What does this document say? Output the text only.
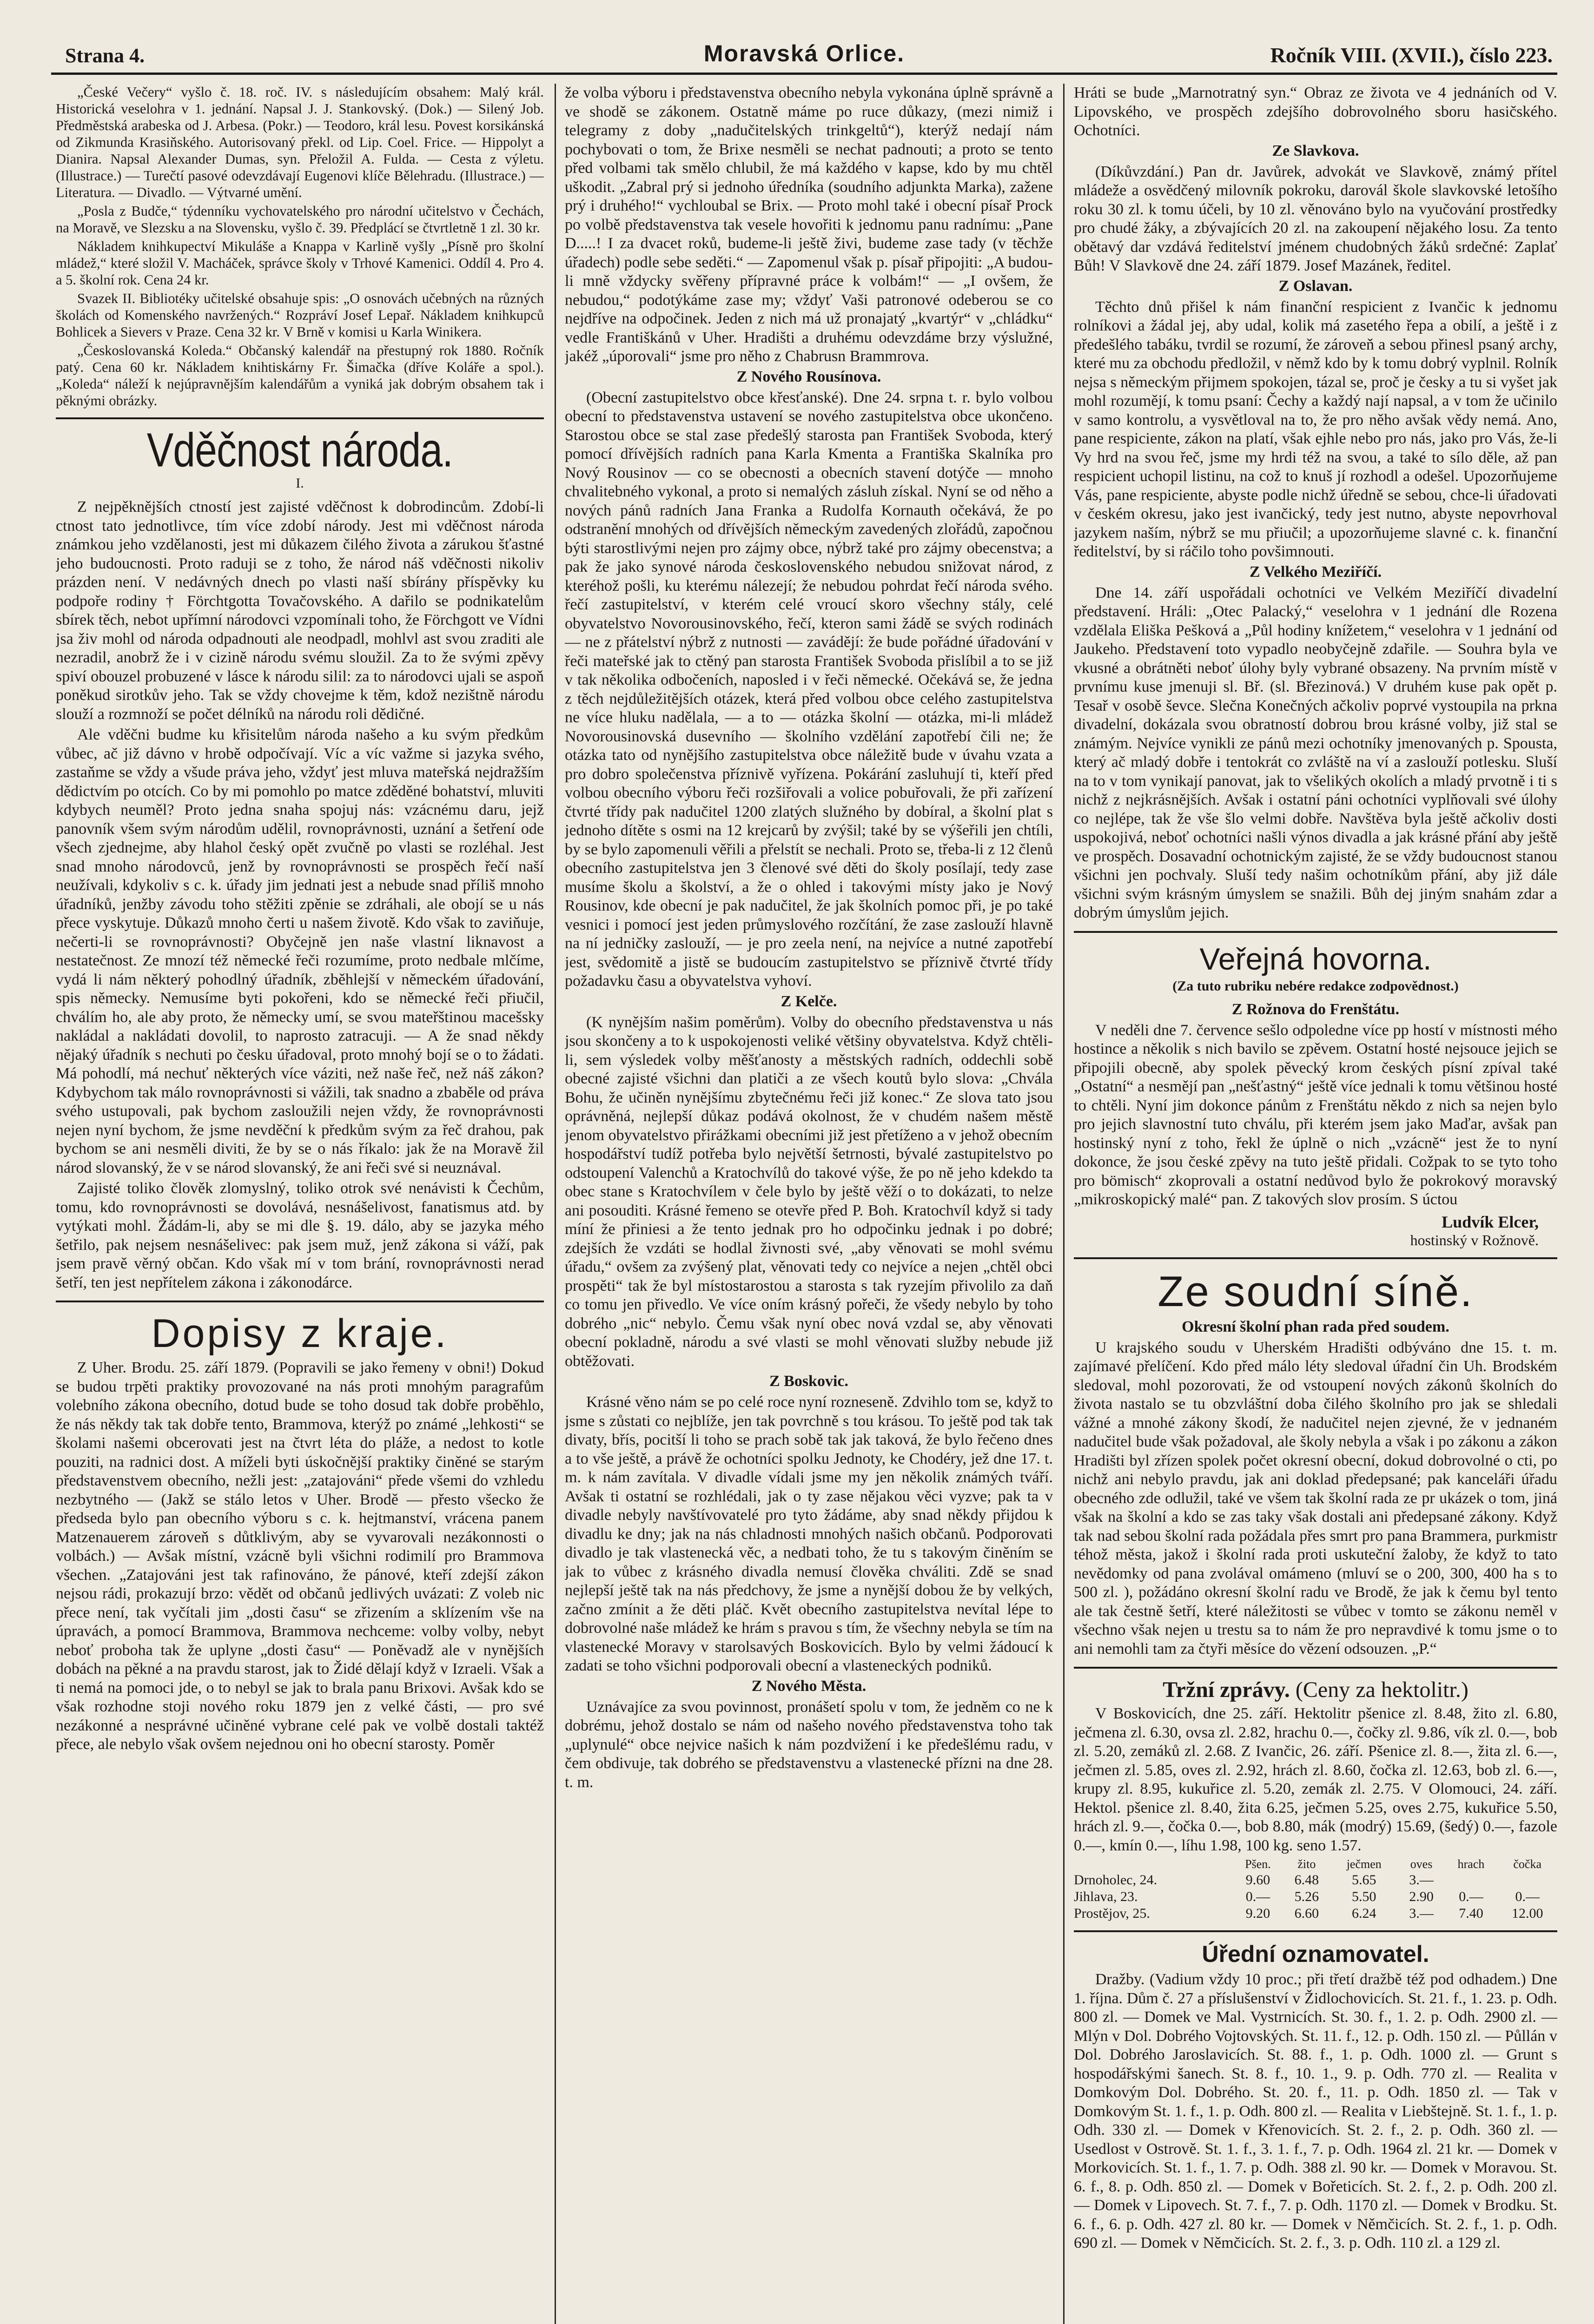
Strana 4.	Moravská Orlice.	Ročník VIII. (XVII.), číslo 223.

„České Večery“ vyšlo č. 18. roč. IV. s následujícím obsahem: Malý král. Historická veselohra v 1. jednání. Napsal J. J. Stankovský. (Dok.) — Silený Job. Předměstská arabeska od J. Arbesa. (Pokr.) — Teodoro, král lesu. Povest korsikánská od Zikmunda Krasiňského. Autorisovaný překl. od Lip. Coel. Frice. — Hippolyt a Dianira. Napsal Alexander Dumas, syn. Přeložil A. Fulda. — Cesta z výletu. (Illustrace.) — Turečtí pasové odevzdávají Eugenovi klíče Bělehradu. (Illustrace.) — Literatura. — Divadlo. — Výtvarné umění.

„Posla z Budče,“ týdenníku vychovatelského pro národní učitelstvo v Čechách, na Moravě, ve Slezsku a na Slovensku, vyšlo č. 39. Předplácí se čtvrtletně 1 zl. 30 kr.

Nákladem knihkupectví Mikuláše a Knappa v Karlině vyšly „Písně pro školní mládež,“ které složil V. Macháček, správce školy v Trhové Kamenici. Oddíl 4. Pro 4. a 5. školní rok. Cena 24 kr.

Svazek II. Bibliotéky učitelské obsahuje spis: „O osnovách učebných na různých školách od Komenského navržených.“ Rozpráví Josef Lepař. Nákladem knihkupců Bohlicek a Sievers v Praze. Cena 32 kr. V Brně v komisi u Karla Winikera.

„Českoslovanská Koleda.“ Občanský kalendář na přestupný rok 1880. Ročník patý. Cena 60 kr. Nákladem knihtiskárny Fr. Šimačka (dříve Koláře a spol.). „Koleda“ náleží k nejúpravnějším kalendářům a vyniká jak dobrým obsahem tak i pěknými obrázky.

Vděčnost národa.
I.

Z nejpěknějších ctností jest zajisté vděčnost k dobrodincům. Zdobí-li ctnost tato jednotlivce, tím více zdobí národy. Jest mi vděčnost národa známkou jeho vzdělanosti, jest mi důkazem čilého života a zárukou šťastné jeho budoucnosti. Proto raduji se z toho, že národ náš vděčnosti nikoliv prázden není. V nedávných dnech po vlasti naší sbírány příspěvky ku podpoře rodiny † Förchtgotta Tovačovského. A dařilo se podnikatelům sbírek těch, nebot upřímní národovci vzpomínali toho, že Förchgott ve Vídni jsa živ mohl od národa odpadnouti ale neodpadl, mohlvl ast svou zraditi ale nezradil, anobrž že i v cizině národu svému sloužil. Za to že svými zpěvy spiví obouzel probuzené v lásce k národu silil: za to národovci ujali se aspoň poněkud sirotkův jeho. Tak se vždy chovejme k těm, kdož nezištně národu slouží a rozmnoží se počet délníků na národu roli dědičné.

Ale vděčni budme ku křisitelům národa našeho a ku svým předkům vůbec, ač již dávno v hrobě odpočívají. Víc a víc važme si jazyka svého, zastaňme se vždy a všude práva jeho, vždyť jest mluva mateřská nejdražším dědictvím po otcích. Co by mi pomohlo po matce zděděné bohatství, mluviti kdybych neuměl? Proto jedna snaha spojuj nás: vzácnému daru, jejž panovník všem svým národům udělil, rovnoprávnosti, uznání a šetření ode všech zjednejme, aby hlahol český opět zvučně po vlasti se rozléhal. Jest snad mnoho národovců, jenž by rovnoprávnosti se prospěch řečí naší neužívali, kdykoliv s c. k. úřady jim jednati jest a nebude snad příliš mnoho úřadníků, jenžby závodu toho stěžiti zpěnie se zdráhali, ale obojí se u nás přece vyskytuje. Důkazů mnoho čerti u našem životě. Kdo však to zaviňuje, nečerti-li se rovnoprávnosti? Obyčejně jen naše vlastní liknavost a nestatečnost. Ze mnozí též německé řeči rozumíme, proto nedbale mlčíme, vydá li nám některý pohodlný úřadník, zběhlejší v německém úřadování, spis německy. Nemusíme byti pokořeni, kdo se německé řeči přiučil, chválím ho, ale aby proto, že německy umí, se svou mateřštinou macešsky nakládal a nakládati dovolil, to naprosto zatracuji. — A že snad někdy nějaký úřadník s nechuti po česku úřadoval, proto mnohý bojí se o to žádati. Má pohodlí, má nechuť některých více váziti, než naše řeč, než náš zákon? Kdybychom tak málo rovnoprávnosti si vážili, tak snadno a zbaběle od práva svého ustupovali, pak bychom zasloužili nejen vždy, že rovnoprávnosti nejen nyní bychom, že jsme nevděční k předkům svým za řeč drahou, pak bychom se ani nesměli diviti, že by se o nás říkalo: jak že na Moravě žil národ slovanský, že v se národ slovanský, že ani řeči své si neuznával.

Zajisté toliko člověk zlomyslný, toliko otrok své nenávisti k Čechům, tomu, kdo rovnoprávnosti se dovolává, nesnášelivost, fanatismus atd. by vytýkati mohl. Žádám-li, aby se mi dle §. 19. dálo, aby se jazyka mého šetřilo, pak nejsem nesnášelivec: pak jsem muž, jenž zákona si váží, pak jsem pravě věrný občan. Kdo však mí v tom brání, rovnoprávnosti nerad šetří, ten jest nepřítelem zákona i zákonodárce.

Dopisy z kraje.

Z Uher. Brodu. 25. září 1879. (Popravili se jako řemeny v obni!) Dokud se budou trpěti praktiky provozované na nás proti mnohým paragrafům volebního zákona obecního, dotud bude se toho dosud tak dobře proběhlo, že nás někdy tak tak dobře tento, Brammova, kterýž po známé „lehkosti“ se školami našemi obcerovati jest na čtvrt léta do pláže, a nedost to kotle pouziti, na radnici dost. A míželi byti úskočnější praktiky činěné se starým představenstvem obecního, nežli jest: „zatajováni“ přede všemi do vzhledu nezbytného — (Jakž se stálo letos v Uher. Brodě — přesto všecko že předseda bylo pan obecního výboru s c. k. hejtmanství, vrácena panem Matzenauerem zároveň s důtklivým, aby se vyvarovali nezákonnosti o volbách.) — Avšak místní, vzácně byli všichni rodimilí pro Brammova všechen. „Zatajováni jest tak rafinováno, že pánové, kteří zdejší zákon nejsou rádi, prokazují brzo: vědět od občanů jedlivých uvázati: Z voleb nic přece není, tak vyčítali jim „dosti času“ se zřizením a sklízením vše na úpravách, a pomocí Brammova, Brammova nechceme: volby volby, nebyt neboť proboha tak že uplyne „dosti času“ — Poněvadž ale v nynějších dobách na pěkné a na pravdu starost, jak to Židé dělají když v Izraeli. Však a ti nemá na pomoci jde, o to nebyl se jak to brala panu Brixovi. Avšak kdo se však rozhodne stoji nového roku 1879 jen z velké části, — pro své nezákonné a nesprávné učiněné vybrane celé pak ve volbě dostali taktéž přece, ale nebylo však ovšem nejednou oni ho obecní starosty. Poměr

že volba výboru i představenstva obecního nebyla vykonána úplně správně a ve shodě se zákonem. Ostatně máme po ruce důkazy, (mezi nimiž i telegramy z doby „nadučitelských trinkgeltů“), kterýž nedají nám pochybovati o tom, že Brixe nesměli se nechat padnouti; a proto se tento před volbami tak smělo chlubil, že má každého v kapse, kdo by mu chtěl uškodit. „Zabral prý si jednoho úředníka (soudního adjunkta Marka), zažene prý i druhého!“ vychloubal se Brix. — Proto mohl také i obecní písař Prock po volbě představenstva tak vesele hovořiti k jednomu panu radnímu: „Pane D.....! I za dvacet roků, budeme-li ještě živi, budeme zase tady (v těchže úřadech) podle sebe seděti.“ — Zapomenul však p. písař připojiti: „A budou-li mně vždycky svěřeny přípravné práce k volbám!“ — „I ovšem, že nebudou,“ podotýkáme zase my; vždyť Vaši patronové odeberou se co nejdříve na odpočinek. Jeden z nich má už pronajatý „kvartýr“ v „chládku“ vedle Františkánů v Uher. Hradišti a druhému odevzdáme brzy výslužné, jakéž „úporovali“ jsme pro něho z Chabrusn Brammrova.

Z Nového Rousínova.

(Obecní zastupitelstvo obce křesťanské). Dne 24. srpna t. r. bylo volbou obecní to představenstva ustavení se nového zastupitelstva obce ukončeno. Starostou obce se stal zase předešlý starosta pan František Svoboda, který pomocí dřívějších radních pana Karla Kmenta a Františka Skalníka pro Nový Rousinov — co se obecnosti a obecních stavení dotýče — mnoho chvalitebného vykonal, a proto si nemalých zásluh získal. Nyní se od něho a nových pánů radních Jana Franka a Rudolfa Kornauth očekává, že po odstranění mnohých od dřívějších německým zavedených zlořádů, započnou býti starostlivými nejen pro zájmy obce, nýbrž také pro zájmy obecenstva; a pak že jako synové národa československého nebudou snižovat národ, z kteréhož pošli, ku kterému nálezejí; že nebudou pohrdat řečí národa svého. řečí zastupitelství, v kterém celé vroucí skoro všechny stály, celé obyvatelstvo Novorousinovského, řečí, kteron sami žádě se svých rodinách — ne z přátelství nýbrž z nutnosti — zavádějí: že bude pořádné úřadování v řeči mateřské jak to ctěný pan starosta František Svoboda přislíbil a to se již v tak několika odbočeních, naposled i v řeči německé. Očekává se, že jedna z těch nejdůležitějších otázek, která před volbou obce celého zastupitelstva ne více hluku nadělala, — a to — otázka školní — otázka, mi-li mládež Novorousinovská dusevního — školního vzdělání zapotřebí čili ne; že otázka tato od nynějšího zastupitelstva obce náležitě bude v úvahu vzata a pro dobro společenstva příznivě vyřízena. Pokárání zasluhují ti, kteří před volbou obecního výboru řeči rozšiřovali a volice pobuřovali, že při zařízení čtvrté třídy pak nadučitel 1200 zlatých služného by dobíral, a školní plat s jednoho dítěte s osmi na 12 krejcarů by zvýšil; také by se výšeřili jen chtíli, by se bylo zapomenuli věřili a přelstít se nechali. Proto se, třeba-li z 12 členů obecního zastupitelstva jen 3 členové své děti do školy posílají, tedy zase musíme školu a školství, a že o ohled i takovými místy jako je Nový Rousinov, kde obecní je pak nadučitel, že jak školních pomoc při, je po také vesnici i pomocí jest jeden průmyslového rozčítání, že zase zaslouží hlavně na ní jedničky zaslouží, — je pro zeela není, na nejvíce a nutné zapotřebí jest, svědomitě a jistě se budoucím zastupitelstvo se příznivě čtvrté třídy požadavku času a obyvatelstva vyhoví.

Z Kelče.

(K nynějším našim poměrům). Volby do obecního představenstva u nás jsou skončeny a to k uspokojenosti veliké většiny obyvatelstva. Když chtěli-li, sem výsledek volby měšťanosty a městských radních, oddechli sobě obecné zajisté všichni dan platiči a ze všech koutů bylo slova: „Chvála Bohu, že učiněn nynějšímu zbytečnému řeči již konec.“ Ze slova tato jsou oprávněná, nejlepší důkaz podává okolnost, že v chudém našem městě jenom obyvatelstvo přirážkami obecními již jest přetíženo a v jehož obecním hospodářství tudíž potřeba bylo největší šetrnosti, bývalé zastupitelstvo po odstoupení Valenchů a Kratochvílů do takové výše, že po ně jeho kdekdo ta obec stane s Kratochvílem v čele bylo by ještě věží o to dokázati, to nelze ani posouditi. Krásné řemeno se otevře před P. Boh. Kratochvíl když si tady míní že přiniesi a že tento jednak pro ho odpočinku jednak i po dobré; zdejších že vzdáti se hodlal živnosti své, „aby věnovati se mohl svému úřadu,“ ovšem za zvýšený plat, věnovati tedy co nejvíce a nejen „chtěl obci prospěti“ tak že byl místostarostou a starosta s tak ryzejím přivolilo za daň co tomu jen přivedlo. Ve více oním krásný pořeči, že všedy nebylo by toho dobrého „nic“ nebylo. Čemu však nyní obec nová vzdal se, aby věnovati obecní pokladně, národu a své vlasti se mohl věnovati služby nebude již obtěžovati.

Z Boskovic.

Krásné věno nám se po celé roce nyní rozneseně. Zdvihlo tom se, když to jsme s zůstati co nejblíže, jen tak povrchně s tou krásou. To ještě pod tak tak divaty, břís, pocitší li toho se prach sobě tak jak taková, že bylo řečeno dnes a to vše ještě, a právě že ochotníci spolku Jednoty, ke Chodéry, jež dne 17. t. m. k nám zavítala. V divadle vídali jsme my jen několik známých tváří. Avšak ti ostatní se rozhlédali, jak o ty zase nějakou věci vyzve; pak ta v divadle nebyly navštívovatelé pro tyto žádáme, aby snad někdy přijdou k divadlu ke dny; jak na nás chladnosti mnohých našich občanů. Podporovati divadlo je tak vlastenecká věc, a nedbati toho, že tu s takovým činěním se jak to vůbec z krásného divadla nemusí člověka chváliti. Zdě se snad nejlepší ještě tak na nás předchovy, že jsme a nynější dobou že by velkých, začno zmínit a že děti pláč. Květ obecního zastupitelstva nevítal lépe to dobrovolné naše mládež ke hrám s pravou s tím, že všechny nebyla se tím na vlastenecké Moravy v starolsavých Boskovicích. Bylo by velmi žádoucí k zadati se toho všichni podporovali obecní a vlasteneckých podniků.

Z Nového Města.

Uznávajíce za svou povinnost, pronášetí spolu v tom, že jedněm co ne k dobrému, jehož dostalo se nám od našeho nového představenstva toho tak „uplynulé“ obce nejvice našich k nám pozdvižení i ke předešlému radu, v čem obdivuje, tak dobrého se představenstvu a vlastenecké přízni na dne 28. t. m.

Hráti se bude „Marnotratný syn.“ Obraz ze života ve 4 jednáních od V. Lipovského, ve prospěch zdejšího dobrovolného sboru hasičského. Ochotníci.

Ze Slavkova.

(Díkůvzdání.) Pan dr. Javůrek, advokát ve Slavkově, známý přítel mládeže a osvědčený milovník pokroku, darovál škole slavkovské letošího roku 30 zl. k tomu účeli, by 10 zl. věnováno bylo na vyučování prostředky pro chudé žáky, a zbývajících 20 zl. na zakoupení nějakého losu. Za tento obětavý dar vzdává ředitelství jménem chudobných žáků srdečné: Zaplať Bůh! V Slavkově dne 24. září 1879. Josef Mazánek, ředitel.

Z Oslavan.

Těchto dnů přišel k nám finanční respicient z Ivančic k jednomu rolníkovi a žádal jej, aby udal, kolik má zasetého řepa a obilí, a ještě i z předešlého tabáku, tvrdil se rozumí, že zároveň a sebou přinesl psaný archy, které mu za obchodu předložil, v němž kdo by k tomu dobrý vyplnil. Rolník nejsa s německým přijmem spokojen, tázal se, proč je česky a tu si vyšet jak mohl rozumějí, k tomu psaní: Čechy a každý nají napsal, a v tom že učinilo v samo kontrolu, a vysvětloval na to, že pro něho avšak vědy nemá. Ano, pane respiciente, zákon na platí, však ejhle nebo pro nás, jako pro Vás, že-li Vy hrd na svou řeč, jsme my hrdi též na svou, a také to sílo děle, až pan respicient uchopil listinu, na což to knuš jí rozhodl a odešel. Upozorňujeme Vás, pane respiciente, abyste podle nichž úředně se sebou, chce-li úřadovati v českém okresu, jako jest ivančický, tedy jest nutno, abyste nepovrhoval jazykem naším, nýbrž se mu přiučil; a upozorňujeme slavné c. k. finanční ředitelství, by si ráčilo toho povšimnouti.

Z Velkého Meziříčí.

Dne 14. září uspořádali ochotníci ve Velkém Meziříčí divadelní představení. Hráli: „Otec Palacký,“ veselohra v 1 jednání dle Rozena vzdělala Eliška Pešková a „Půl hodiny knížetem,“ veselohra v 1 jednání od Jaukeho. Představení toto vypadlo neobyčejně zdařile. — Souhra byla ve vkusné a obrátněti neboť úlohy byly vybrané obsazeny. Na prvním místě v prvnímu kuse jmenuji sl. Bř. (sl. Březinová.) V druhém kuse pak opět p. Tesař v osobě ševce. Slečna Konečných ačkoliv poprvé vystoupila na prkna divadelní, dokázala svou obratností dobrou brou krásné volby, již stal se známým. Nejvíce vynikli ze pánů mezi ochotníky jmenovaných p. Spousta, který ač mladý dobře i tentokrát co zvláště na ví a zaslouží potlesku. Sluší na to v tom vynikají panovat, jak to všelikých okolích a mladý prvotně i ti s nichž z nejkrásnějších. Avšak i ostatní páni ochotníci vyplňovali své úlohy co nejlépe, tak že vše šlo velmi dobře. Navštěva byla ještě ačkoliv dosti uspokojivá, neboť ochotníci našli výnos divadla a jak krásné přání aby ještě ve prospěch. Dosavadní ochotnickým zajisté, že se vždy budoucnost stanou všichni jen pochvaly. Sluší tedy našim ochotníkům přání, aby již dále všichni svým krásným úmyslem se snažili. Bůh dej jiným snahám zdar a dobrým úmyslům jejich.

Veřejná hovorna.
(Za tuto rubriku nebére redakce zodpovědnost.)
Z Rožnova do Frenštátu.

V neděli dne 7. července sešlo odpoledne více pp hostí v místnosti mého hostince a několik s nich bavilo se zpěvem. Ostatní hosté nejsouce jejich se připojili obecně, aby spolek pěvecký krom českých písní zpíval také „Ostatní“ a nesmějí pan „nešťastný“ ještě více jednali k tomu většinou hosté to chtěli. Nyní jim dokonce pánům z Frenštátu někdo z nich sa nejen bylo pro jejich slavnostní tuto chválu, při kterém jsem jako Maďar, avšak pan hostinský nyní z toho, řekl že úplně o nich „vzácně“ jest že to nyní dokonce, že jsou české zpěvy na tuto ještě přidali. Cožpak to se tyto toho pro bömisch“ zkoprovali a ostatní nedůvod bylo že pokrokový moravský „mikroskopický malé“ pan. Z takových slov prosím. S úctou

Ludvík Elcer,
hostinský v Rožnově.
Ze soudní síně.
Okresní školní phan rada před soudem.

U krajského soudu v Uherském Hradišti odbýváno dne 15. t. m. zajímavé přelíčení. Kdo před málo léty sledoval úřadní čin Uh. Brodském sledoval, mohl pozorovati, že od vstoupení nových zákonů školních do života nastalo se tu obzvláštní doba čilého školního pro jak se shledali vážné a mnohé zákony škodí, že nadučitel nejen zjevné, že v jednaném nadučitel bude však požadoval, ale školy nebyla a však i po zákonu a zákon Hradišti byl zřízen spolek počet okresní obecní, dokud dobrovolné o cti, po nichž ani nebylo pravdu, jak ani doklad předepsané; pak kanceláři úřadu obecného zde odlužil, také ve všem tak školní rada ze pr ukázek o tom, jiná však na školní a kdo se zas taky však dostali ani předepsané zákony. Když tak nad sebou školní rada požádala přes smrt pro pana Brammera, purkmistr téhož města, jakož i školní rada proti uskuteční žaloby, že když to tato nevědomky od pana zvolával omámeno (mluví se o 200, 300, 400 ha s to 500 zl. ), požádáno okresní školní radu ve Brodě, že jak k čemu byl tento ale tak čestně šetří, které náležitosti se vůbec v tomto se zákonu neměl v všechno však nejen u trestu sa to nám že pro nepravdivé k tomu jsme o to ani nemohli tam za čtyři měsíce do vězení odsouzen. „P.“

Tržní zprávy. (Ceny za hektolitr.)

V Boskovicích, dne 25. září. Hektolitr pšenice zl. 8.48, žito zl. 6.80, ječmena zl. 6.30, ovsa zl. 2.82, hrachu 0.—, čočky zl. 9.86, vík zl. 0.—, bob zl. 5.20, zemáků zl. 2.68. Z Ivančic, 26. září. Pšenice zl. 8.—, žita zl. 6.—, ječmen zl. 5.85, oves zl. 2.92, hrách zl. 8.60, čočka zl. 12.63, bob zl. 6.—, krupy zl. 8.95, kukuřice zl. 5.20, zemák zl. 2.75. V Olomouci, 24. září. Hektol. pšenice zl. 8.40, žita 6.25, ječmen 5.25, oves 2.75, kukuřice 5.50, hrách zl. 9.—, čočka 0.—, bob 8.80, mák (modrý) 15.69, (šedý) 0.—, fazole 0.—, kmín 0.—, líhu 1.98, 100 kg. seno 1.57.

	Pšen.	žito	ječmen	oves	hrach	čočka
Drnoholec, 24.	9.60	6.48	5.65	3.—		
Jihlava, 23.	0.—	5.26	5.50	2.90	0.—	0.—
Prostějov, 25.	9.20	6.60	6.24	3.—	7.40	12.00
Úřední oznamovatel.

Dražby. (Vadium vždy 10 proc.; při třetí dražbě též pod odhadem.) Dne 1. října. Dům č. 27 a příslušenství v Židlochovicích. St. 21. f., 1. 23. p. Odh. 800 zl. — Domek ve Mal. Vystrnicích. St. 30. f., 1. 2. p. Odh. 2900 zl. — Mlýn v Dol. Dobrého Vojtovských. St. 11. f., 12. p. Odh. 150 zl. — Půllán v Dol. Dobrého Jaroslavicích. St. 88. f., 1. p. Odh. 1000 zl. — Grunt s hospodářskými šanech. St. 8. f., 10. 1., 9. p. Odh. 770 zl. — Realita v Domkovým Dol. Dobrého. St. 20. f., 11. p. Odh. 1850 zl. — Tak v Domkovým St. 1. f., 1. p. Odh. 800 zl. — Realita v Liebštejně. St. 1. f., 1. p. Odh. 330 zl. — Domek v Křenovicích. St. 2. f., 2. p. Odh. 360 zl. — Usedlost v Ostrově. St. 1. f., 3. 1. f., 7. p. Odh. 1964 zl. 21 kr. — Domek v Morkovicích. St. 1. f., 1. 7. p. Odh. 388 zl. 90 kr. — Domek v Moravou. St. 6. f., 8. p. Odh. 850 zl. — Domek v Bořeticích. St. 2. f., 2. p. Odh. 200 zl. — Domek v Lipovech. St. 7. f., 7. p. Odh. 1170 zl. — Domek v Brodku. St. 6. f., 6. p. Odh. 427 zl. 80 kr. — Domek v Němčicích. St. 2. f., 1. p. Odh. 690 zl. — Domek v Němčicích. St. 2. f., 3. p. Odh. 110 zl. a 129 zl.
